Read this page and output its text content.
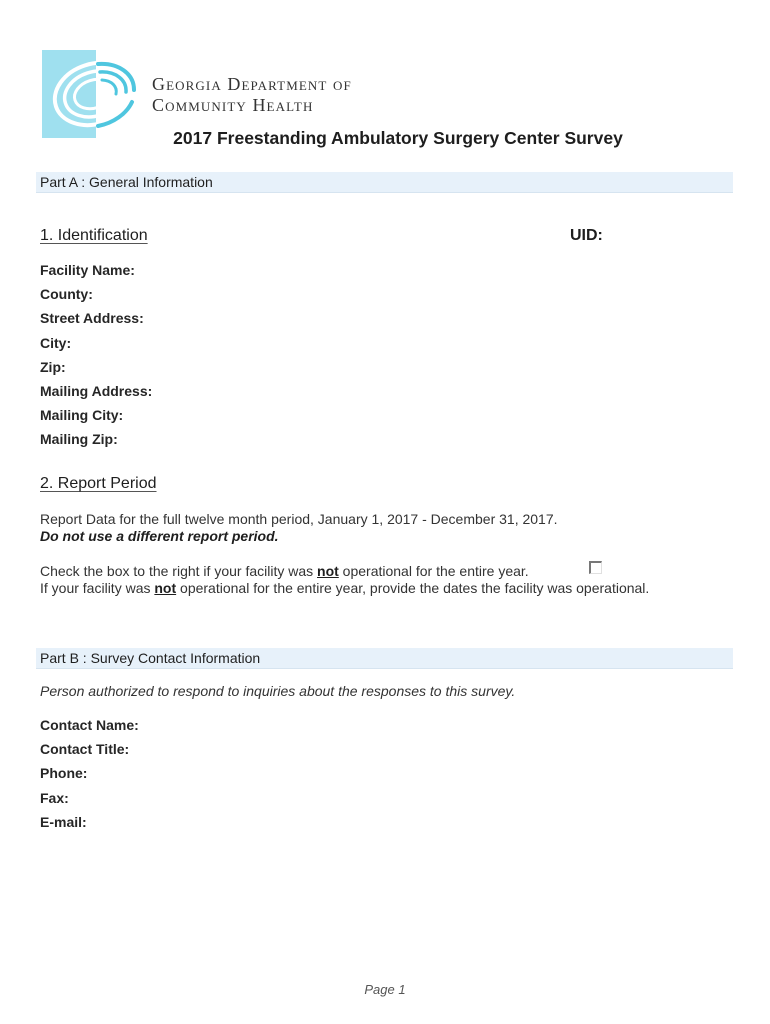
Georgia Department of
Community Health
2017 Freestanding Ambulatory Surgery Center Survey
Part A : General Information
1. Identification	UID:
Facility Name:
County:
Street Address:
City:
Zip:
Mailing Address:
Mailing City:
Mailing Zip:
2. Report Period
Report Data for the full twelve month period, January 1, 2017 - December 31, 2017.
Do not use a different report period.
Check the box to the right if your facility was not operational for the entire year.
If your facility was not operational for the entire year, provide the dates the facility was operational.
Part B : Survey Contact Information
Person authorized to respond to inquiries about the responses to this survey.
Contact Name:
Contact Title:
Phone:
Fax:
E-mail:
Page 1
